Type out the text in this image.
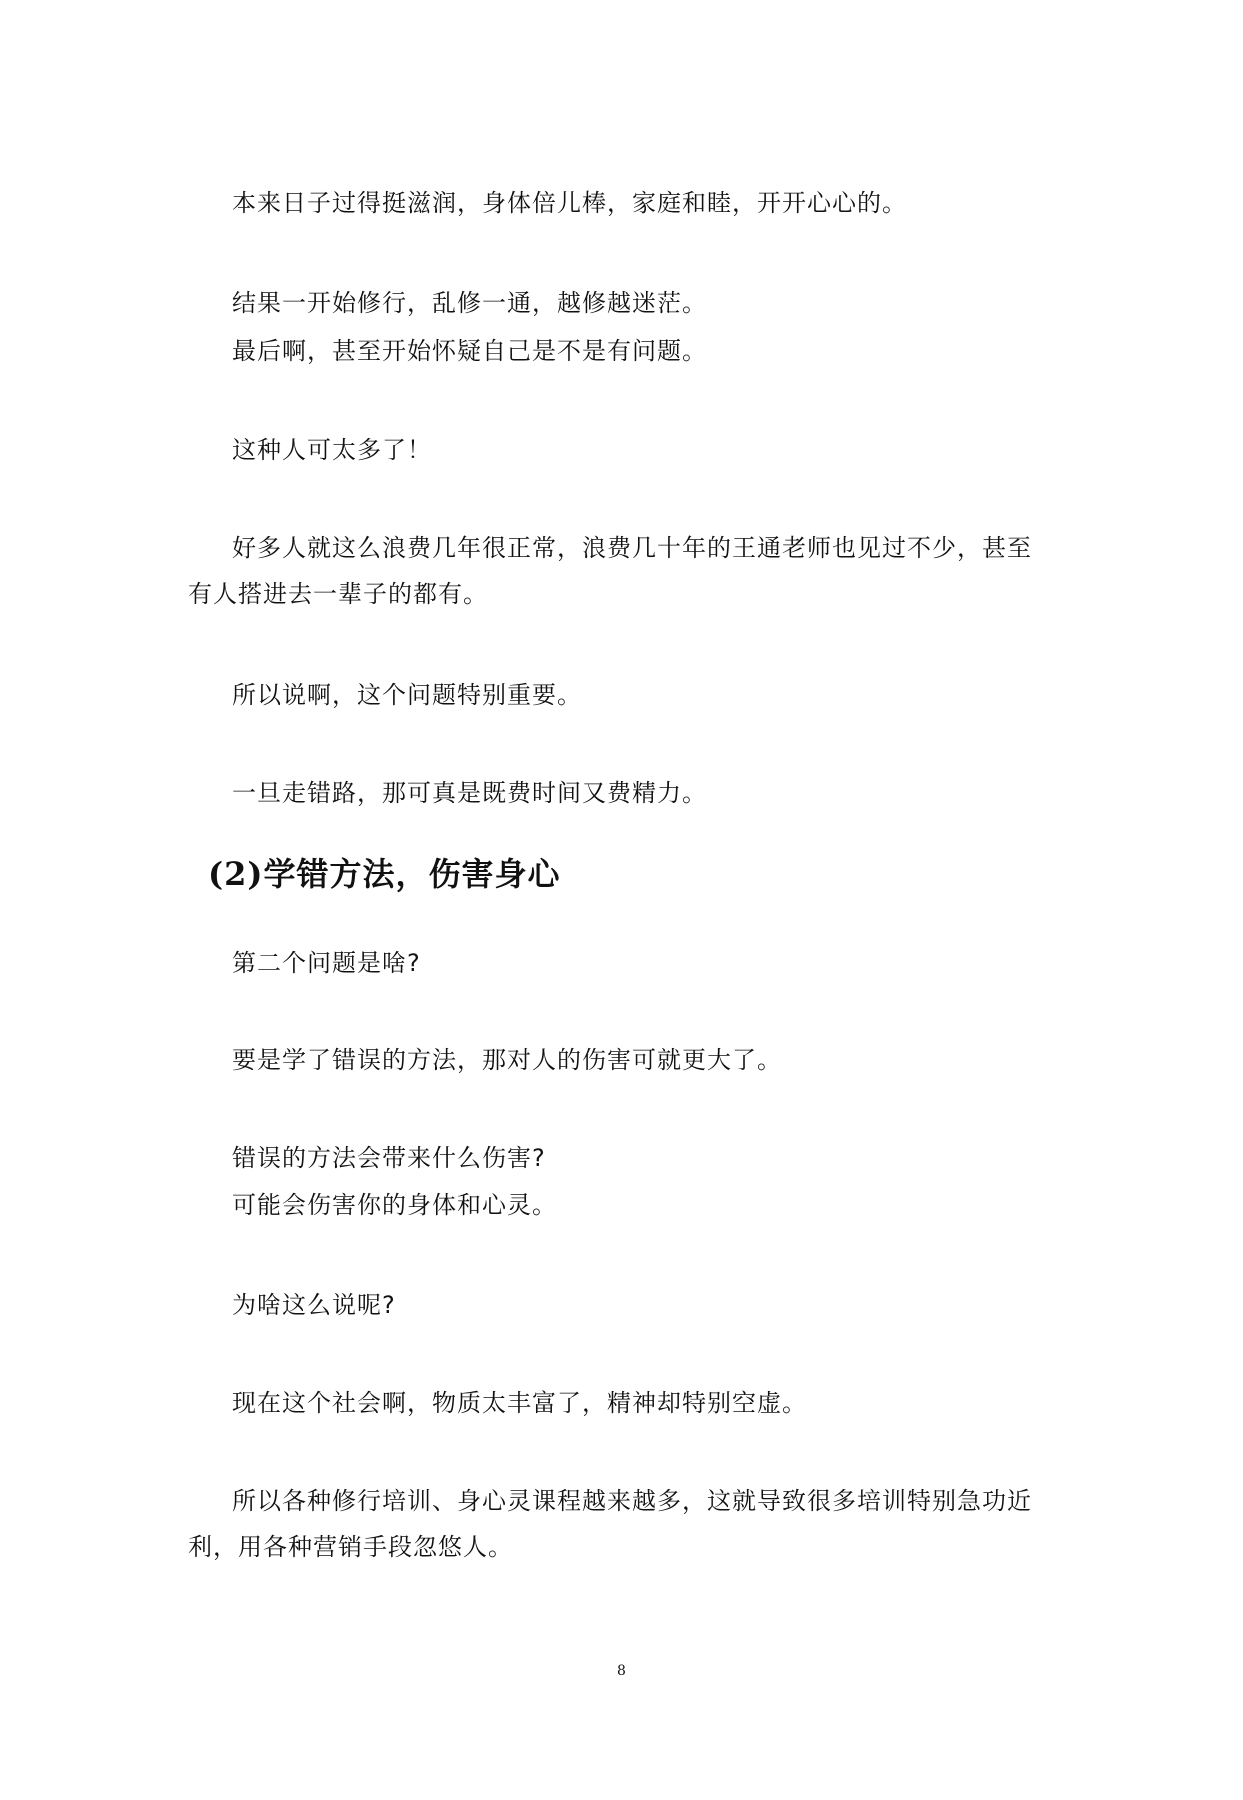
本来日子过得挺滋润，身体倍儿棒，家庭和睦，开开心心的。
结果一开始修行，乱修一通，越修越迷茫。
最后啊，甚至开始怀疑自己是不是有问题。
这种人可太多了！
好多人就这么浪费几年很正常，浪费几十年的王通老师也见过不少，甚至有人搭进去一辈子的都有。
所以说啊，这个问题特别重要。
一旦走错路，那可真是既费时间又费精力。
(2)学错方法，伤害身心
第二个问题是啥?
要是学了错误的方法，那对人的伤害可就更大了。
错误的方法会带来什么伤害?
可能会伤害你的身体和心灵。
为啥这么说呢?
现在这个社会啊，物质太丰富了，精神却特别空虚。
所以各种修行培训、身心灵课程越来越多，这就导致很多培训特别急功近利，用各种营销手段忽悠人。
8
